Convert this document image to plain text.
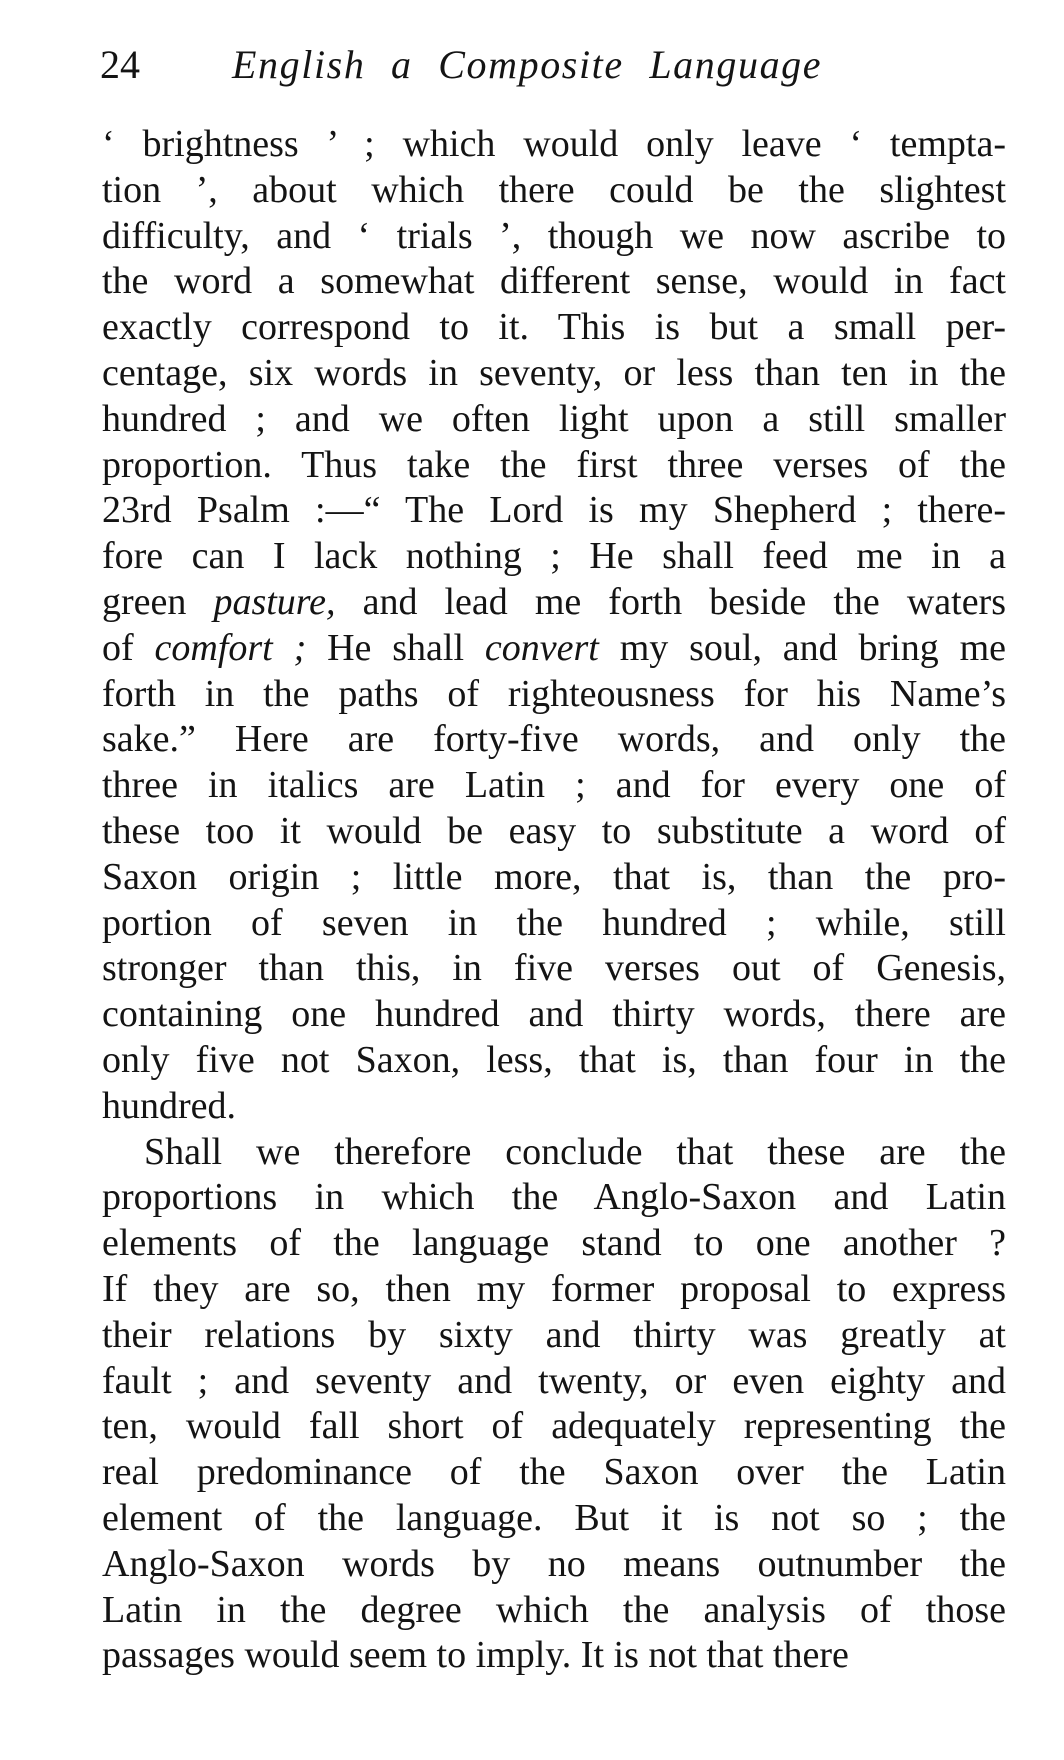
24 English a Composite Language
‘ brightness ’ ; which would only leave ‘ tempta-
tion ’, about which there could be the slightest
difficulty, and ‘ trials ’, though we now ascribe to
the word a somewhat different sense, would in fact
exactly correspond to it. This is but a small per-
centage, six words in seventy, or less than ten in the
hundred ; and we often light upon a still smaller
proportion. Thus take the first three verses of the
23rd Psalm :—“ The Lord is my Shepherd ; there-
fore can I lack nothing ; He shall feed me in a
green pasture, and lead me forth beside the waters
of comfort ; He shall convert my soul, and bring me
forth in the paths of righteousness for his Name’s
sake.” Here are forty-five words, and only the
three in italics are Latin ; and for every one of
these too it would be easy to substitute a word of
Saxon origin ; little more, that is, than the pro-
portion of seven in the hundred ; while, still
stronger than this, in five verses out of Genesis,
containing one hundred and thirty words, there are
only five not Saxon, less, that is, than four in the
hundred.
Shall we therefore conclude that these are the
proportions in which the Anglo-Saxon and Latin
elements of the language stand to one another ?
If they are so, then my former proposal to express
their relations by sixty and thirty was greatly at
fault ; and seventy and twenty, or even eighty and
ten, would fall short of adequately representing the
real predominance of the Saxon over the Latin
element of the language. But it is not so ; the
Anglo-Saxon words by no means outnumber the
Latin in the degree which the analysis of those
passages would seem to imply. It is not that there
